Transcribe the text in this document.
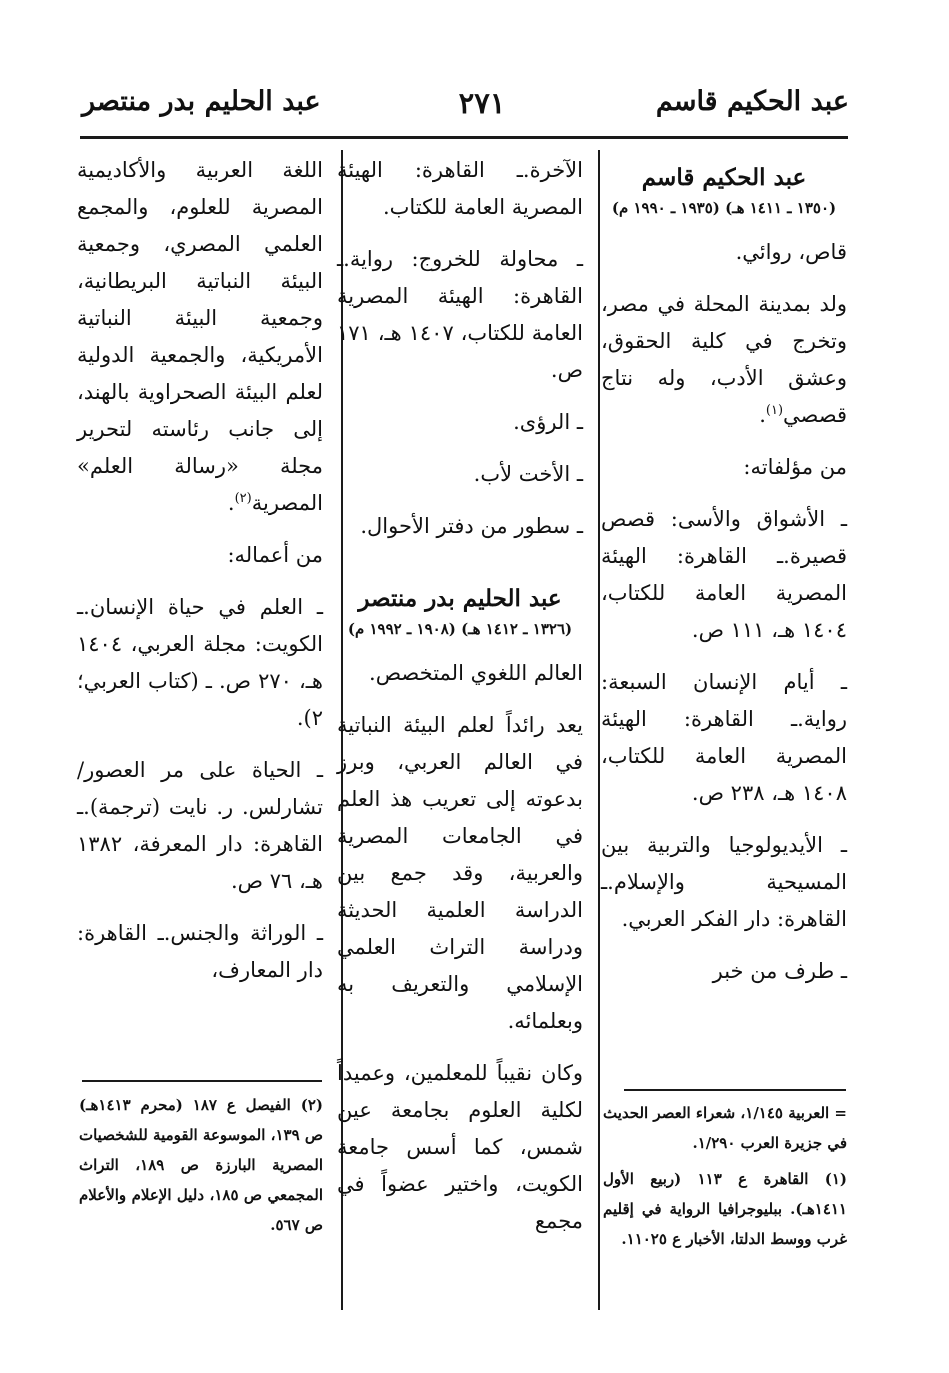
عبد الحكيم قاسم
٢٧١
عبد الحليم بدر منتصر
عبد الحكيم قاسم
(١٣٥٠ ـ ١٤١١ هـ) (١٩٣٥ ـ ١٩٩٠ م)

قاص، روائي.

ولد بمدينة المحلة في مصر، وتخرج في كلية الحقوق، وعشق الأدب، وله نتاج قصصي$^{(١)}$.

من مؤلفاته:

ـ الأشواق والأسى: قصص قصيرة.ـ القاهرة: الهيئة المصرية العامة للكتاب، ١٤٠٤ هـ، ١١١ ص.

ـ أيام الإنسان السبعة: رواية.ـ القاهرة: الهيئة المصرية العامة للكتاب، ١٤٠٨ هـ، ٢٣٨ ص.

ـ الأيديولوجيا والتربية بين المسيحية والإسلام.ـ القاهرة: دار الفكر العربي.

ـ طرف من خبر

الآخرة.ـ القاهرة: الهيئة المصرية العامة للكتاب.

ـ محاولة للخروج: رواية.ـ القاهرة: الهيئة المصرية العامة للكتاب، ١٤٠٧ هـ، ١٧١ ص.

ـ الرؤى.

ـ الأخت لأب.

ـ سطور من دفتر الأحوال.

عبد الحليم بدر منتصر
(١٣٢٦ ـ ١٤١٢ هـ) (١٩٠٨ ـ ١٩٩٢ م)

العالم اللغوي المتخصص.

يعد رائداً لعلم البيئة النباتية في العالم العربي، وبرز بدعوته إلى تعريب هذ العلم في الجامعات المصرية والعربية، وقد جمع بين الدراسة العلمية الحديثة ودراسة التراث العلمي الإسلامي والتعريف به وبعلمائه.

وكان نقيباً للمعلمين، وعميداً لكلية العلوم بجامعة عين شمس، كما أسس جامعة الكويت، واختير عضواً في مجمع

اللغة العربية والأكاديمية المصرية للعلوم، والمجمع العلمي المصري، وجمعية البيئة النباتية البريطانية، وجمعية البيئة النباتية الأمريكية، والجمعية الدولية لعلم البيئة الصحراوية بالهند، إلى جانب رئاسته لتحرير مجلة «رسالة العلم» المصرية$^{(٢)}$.

من أعماله:

ـ العلم في حياة الإنسان.ـ الكويت: مجلة العربي، ١٤٠٤ هـ، ٢٧٠ ص. ـ (كتاب العربي؛ ٢).

ـ الحياة على مر العصور/ تشارلس. ر. نايت (ترجمة).ـ القاهرة: دار المعرفة، ١٣٨٢ هـ، ٧٦ ص.

ـ الوراثة والجنس.ـ القاهرة: دار المعارف،

= العربية ١/١٤٥، شعراء العصر الحديث في جزيرة العرب ١/٢٩٠.

(١) القاهرة ع ١١٣ (ربيع الأول ١٤١١هـ). ببليوجرافيا الرواية في إقليم غرب ووسط الدلتا، الأخبار ع ١١٠٢٥.

(٢) الفيصل ع ١٨٧ (محرم ١٤١٣هـ) ص ١٣٩، الموسوعة القومية للشخصيات المصرية البارزة ص ١٨٩، التراث المجمعي ص ١٨٥، دليل الإعلام والأعلام ص ٥٦٧.
